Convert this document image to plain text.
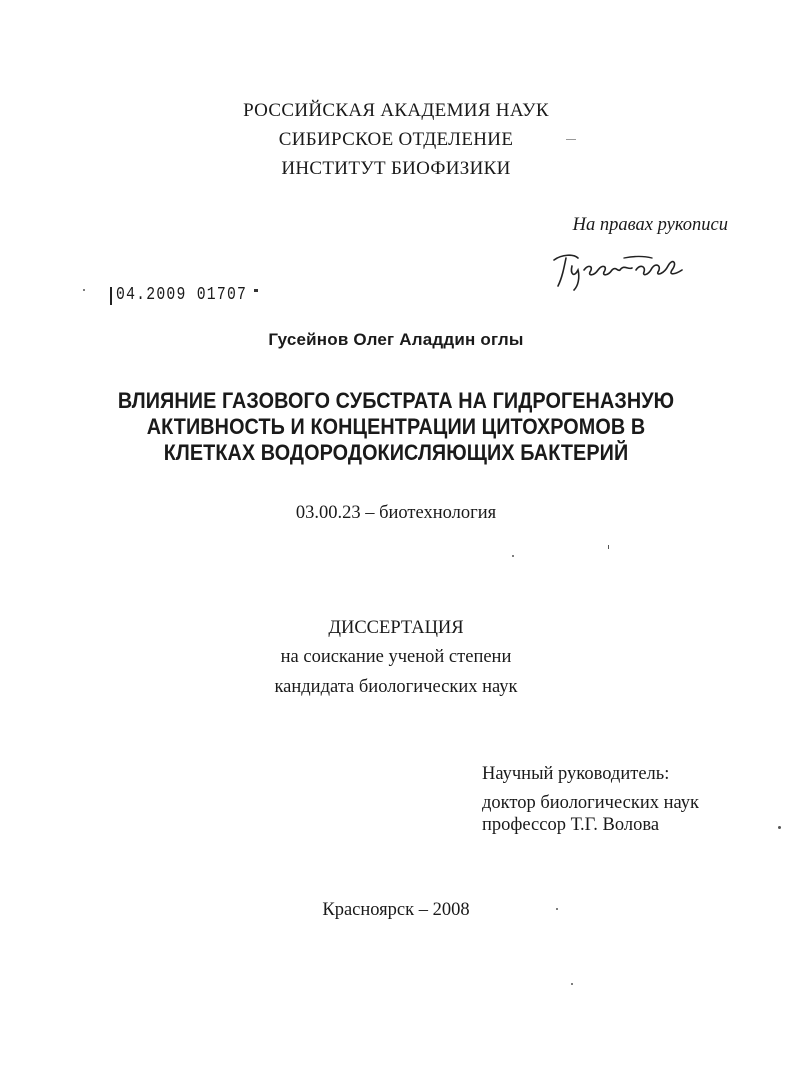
РОССИЙСКАЯ АКАДЕМИЯ НАУК

СИБИРСКОЕ ОТДЕЛЕНИЕ

ИНСТИТУТ БИОФИЗИКИ

На правах рукописи

04.2009 01707

Гусейнов Олег Аладдин оглы

ВЛИЯНИЕ ГАЗОВОГО СУБСТРАТА НА ГИДРОГЕНАЗНУЮ

АКТИВНОСТЬ И КОНЦЕНТРАЦИИ ЦИТОХРОМОВ В

КЛЕТКАХ ВОДОРОДОКИСЛЯЮЩИХ БАКТЕРИЙ

03.00.23 – биотехнология

ДИССЕРТАЦИЯ

на соискание ученой степени

кандидата биологических наук

Научный руководитель:

доктор биологических наук

профессор Т.Г. Волова

Красноярск – 2008
